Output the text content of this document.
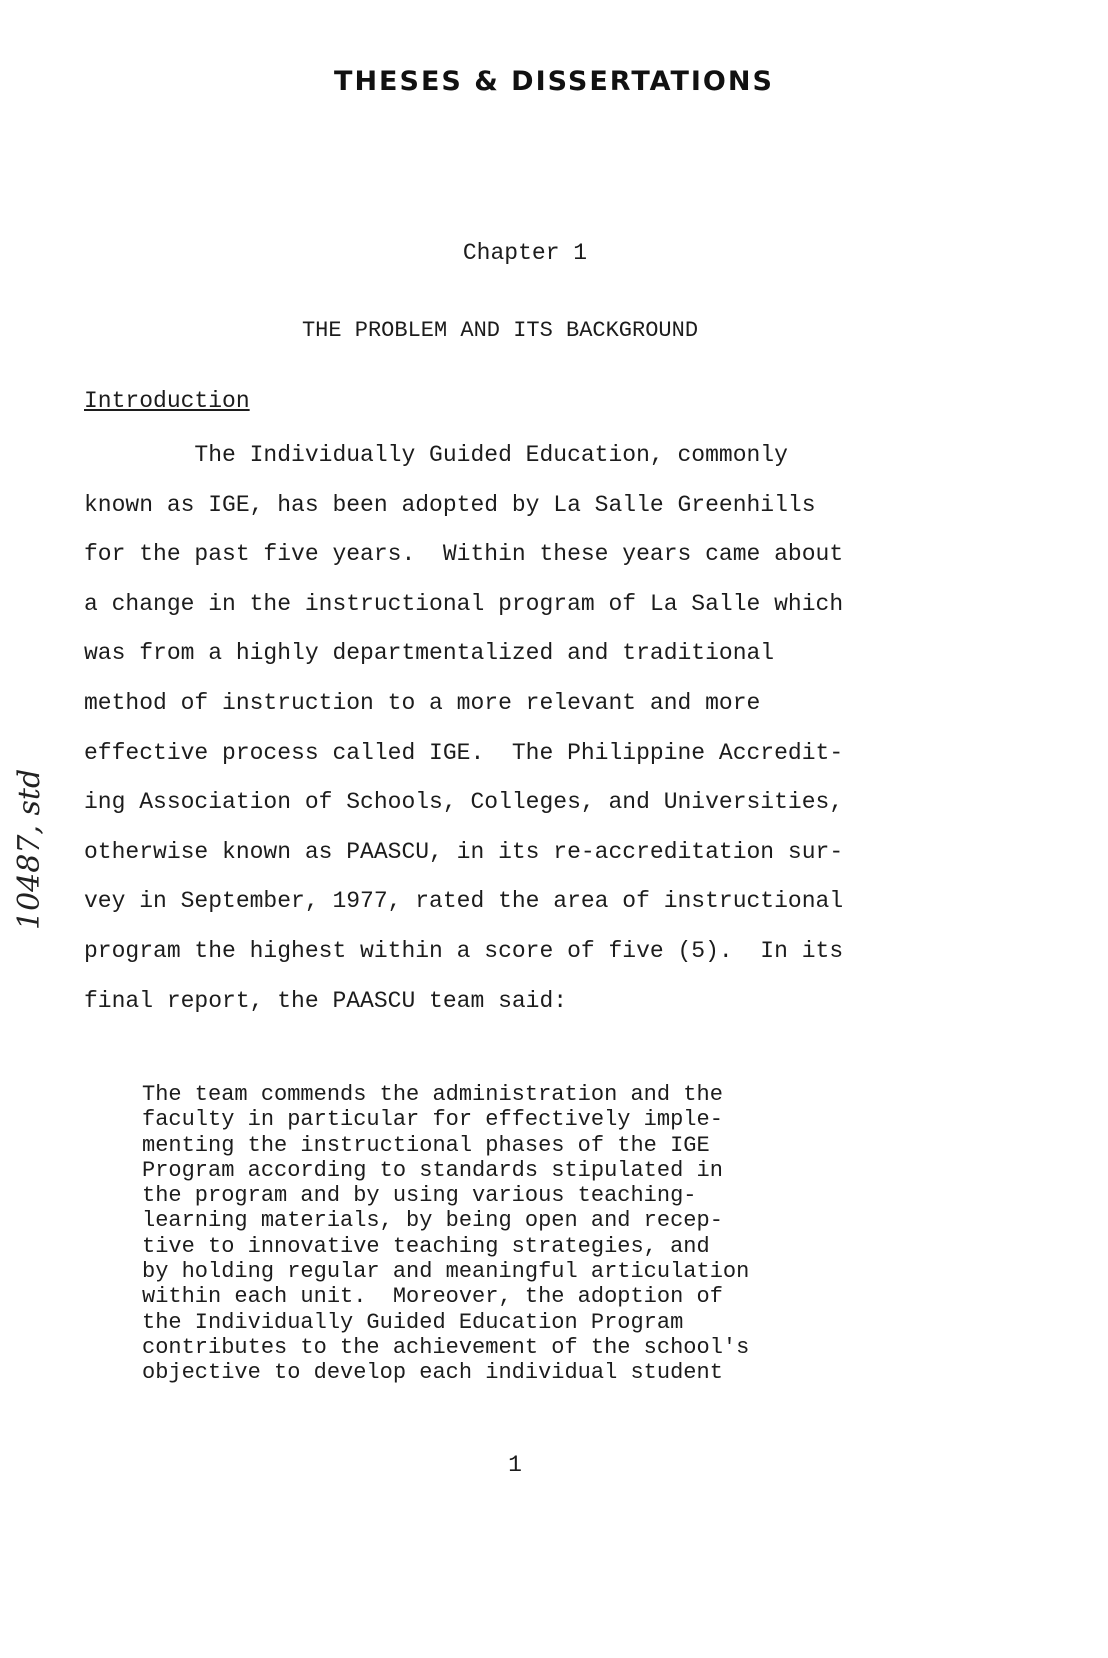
THESES & DISSERTATIONS
Chapter 1
THE PROBLEM AND ITS BACKGROUND
Introduction
The Individually Guided Education, commonly
known as IGE, has been adopted by La Salle Greenhills
for the past five years.  Within these years came about
a change in the instructional program of La Salle which
was from a highly departmentalized and traditional
method of instruction to a more relevant and more
effective process called IGE.  The Philippine Accredit-
ing Association of Schools, Colleges, and Universities,
otherwise known as PAASCU, in its re-accreditation sur-
vey in September, 1977, rated the area of instructional
program the highest within a score of five (5).  In its
final report, the PAASCU team said:
The team commends the administration and the
faculty in particular for effectively imple-
menting the instructional phases of the IGE
Program according to standards stipulated in
the program and by using various teaching-
learning materials, by being open and recep-
tive to innovative teaching strategies, and
by holding regular and meaningful articulation
within each unit.  Moreover, the adoption of
the Individually Guided Education Program
contributes to the achievement of the school's
objective to develop each individual student
1
10487, std
